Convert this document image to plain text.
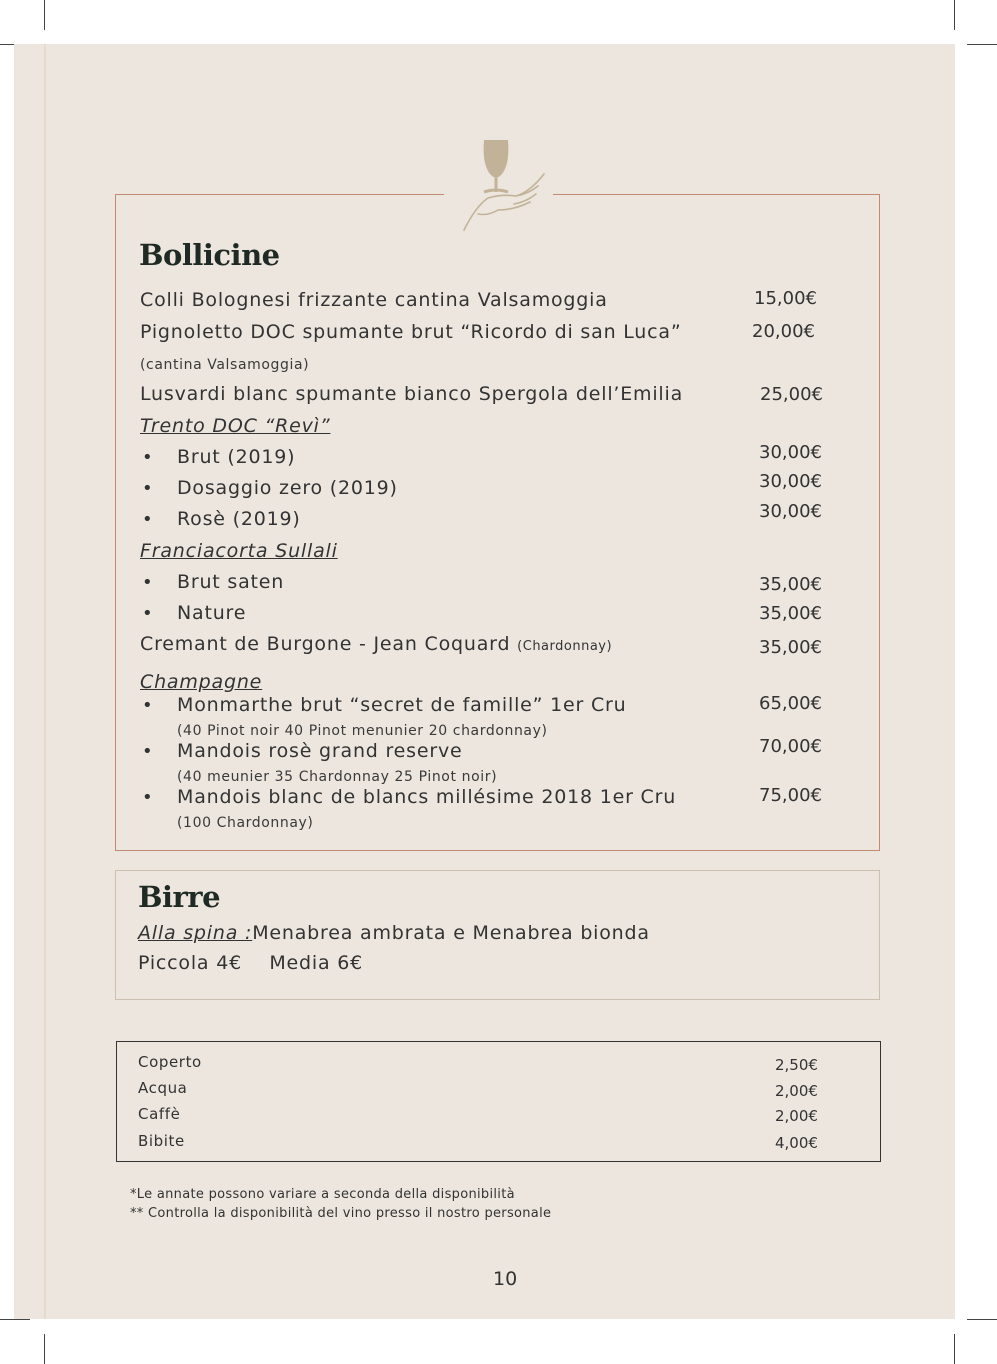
Bollicine
Colli Bolognesi frizzante cantina Valsamoggia	15,00€
Pignoletto DOC spumante brut “Ricordo di san Luca”	20,00€
(cantina Valsamoggia)
Lusvardi blanc spumante bianco Spergola dell’Emilia	25,00€
Trento DOC “Revì”
• Brut (2019)	30,00€
• Dosaggio zero (2019)	30,00€
• Rosè (2019)	30,00€
Franciacorta Sullali
• Brut saten	35,00€
• Nature	35,00€
Cremant de Burgone - Jean Coquard (Chardonnay)	35,00€
Champagne
• Monmarthe brut “secret de famille” 1er Cru	65,00€
(40 Pinot noir 40 Pinot menunier 20 chardonnay)
• Mandois rosè grand reserve	70,00€
(40 meunier 35 Chardonnay 25 Pinot noir)
• Mandois blanc de blancs millésime 2018 1er Cru	75,00€
(100 Chardonnay)
Birre
Alla spina :Menabrea ambrata e Menabrea bionda
Piccola 4€    Media 6€
Coperto	2,50€
Acqua	2,00€
Caffè	2,00€
Bibite	4,00€
*Le annate possono variare a seconda della disponibilità
** Controlla la disponibilità del vino presso il nostro personale
10
